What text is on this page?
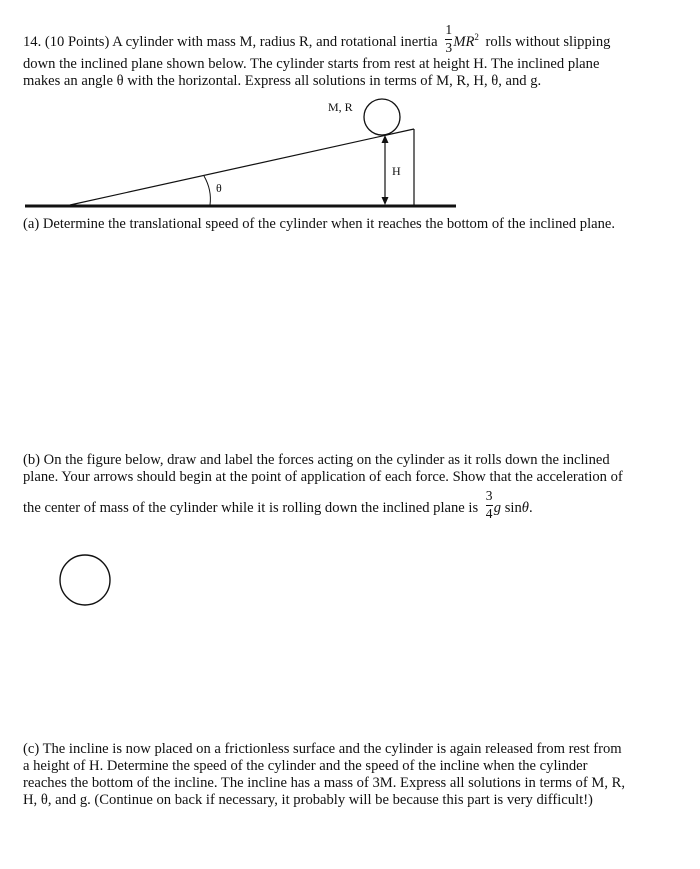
14. (10 Points) A cylinder with mass M, radius R, and rotational inertia $\frac{1}{3} MR^2$ rolls without slipping
down the inclined plane shown below. The cylinder starts from rest at height H. The inclined plane
makes an angle θ with the horizontal. Express all solutions in terms of M, R, H, θ, and g.
M, R
H
θ
(a) Determine the translational speed of the cylinder when it reaches the bottom of the inclined plane.
(b) On the figure below, draw and label the forces acting on the cylinder as it rolls down the inclined
plane. Your arrows should begin at the point of application of each force. Show that the acceleration of
the center of mass of the cylinder while it is rolling down the inclined plane is $\frac{3}{4}$ g sinθ.
(c) The incline is now placed on a frictionless surface and the cylinder is again released from rest from
a height of H. Determine the speed of the cylinder and the speed of the incline when the cylinder
reaches the bottom of the incline. The incline has a mass of 3M. Express all solutions in terms of M, R,
H, θ, and g. (Continue on back if necessary, it probably will be because this part is very difficult!)
